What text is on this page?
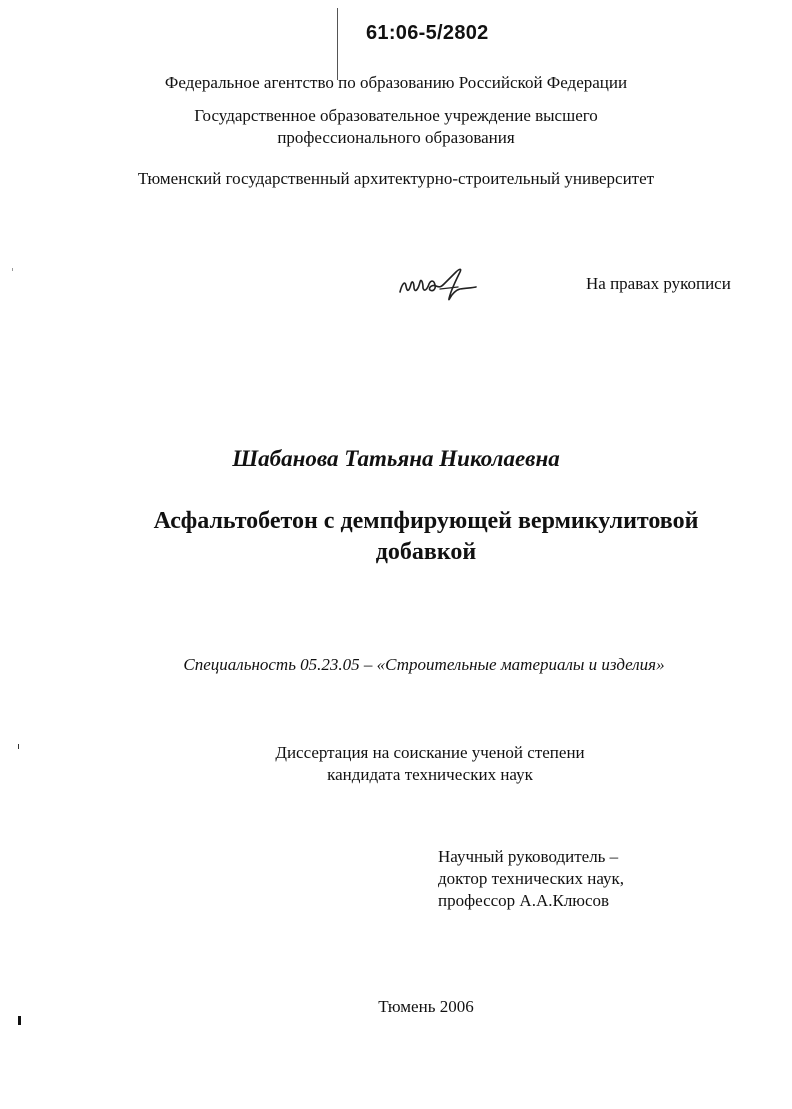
61:06-5/2802
Федеральное агентство по образованию Российской Федерации
Государственное образовательное учреждение высшего
профессионального образования
Тюменский государственный архитектурно-строительный университет
На правах рукописи
Шабанова Татьяна Николаевна
Асфальтобетон с демпфирующей вермикулитовой
добавкой
Специальность 05.23.05 – «Строительные материалы и изделия»
Диссертация на соискание ученой степени
кандидата технических наук
Научный руководитель –
доктор технических наук,
профессор А.А.Клюсов
Тюмень 2006
